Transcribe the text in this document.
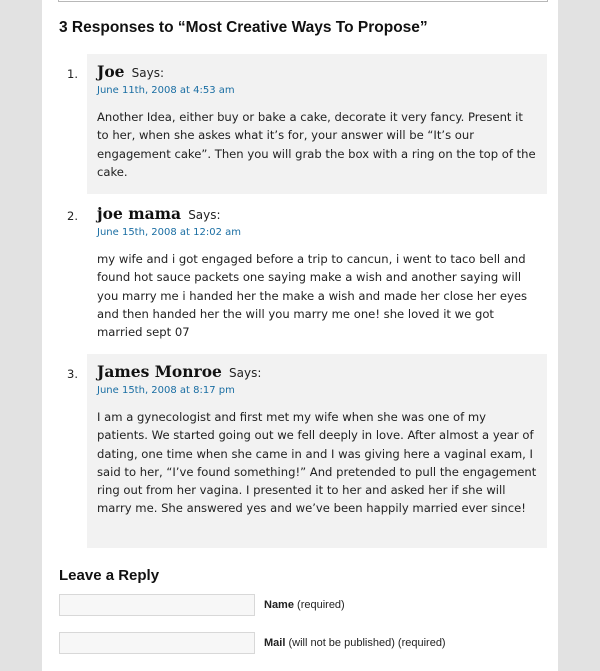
3 Responses to “Most Creative Ways To Propose”
1. Joe Says:
June 11th, 2008 at 4:53 am

Another Idea, either buy or bake a cake, decorate it very fancy. Present it to her, when she askes what it’s for, your answer will be “It’s our engagement cake”. Then you will grab the box with a ring on the top of the cake.

2. joe mama Says:
June 15th, 2008 at 12:02 am

my wife and i got engaged before a trip to cancun, i went to taco bell and found hot sauce packets one saying make a wish and another saying will you marry me i handed her the make a wish and made her close her eyes and then handed her the will you marry me one! she loved it we got married sept 07

3. James Monroe Says:
June 15th, 2008 at 8:17 pm

I am a gynecologist and first met my wife when she was one of my patients. We started going out we fell deeply in love. After almost a year of dating, one time when she came in and I was giving here a vaginal exam, I said to her, “I’ve found something!” And pretended to pull the engagement ring out from her vagina. I presented it to her and asked her if she will marry me. She answered yes and we’ve been happily married ever since!

Leave a Reply
Name (required)
Mail (will not be published) (required)
